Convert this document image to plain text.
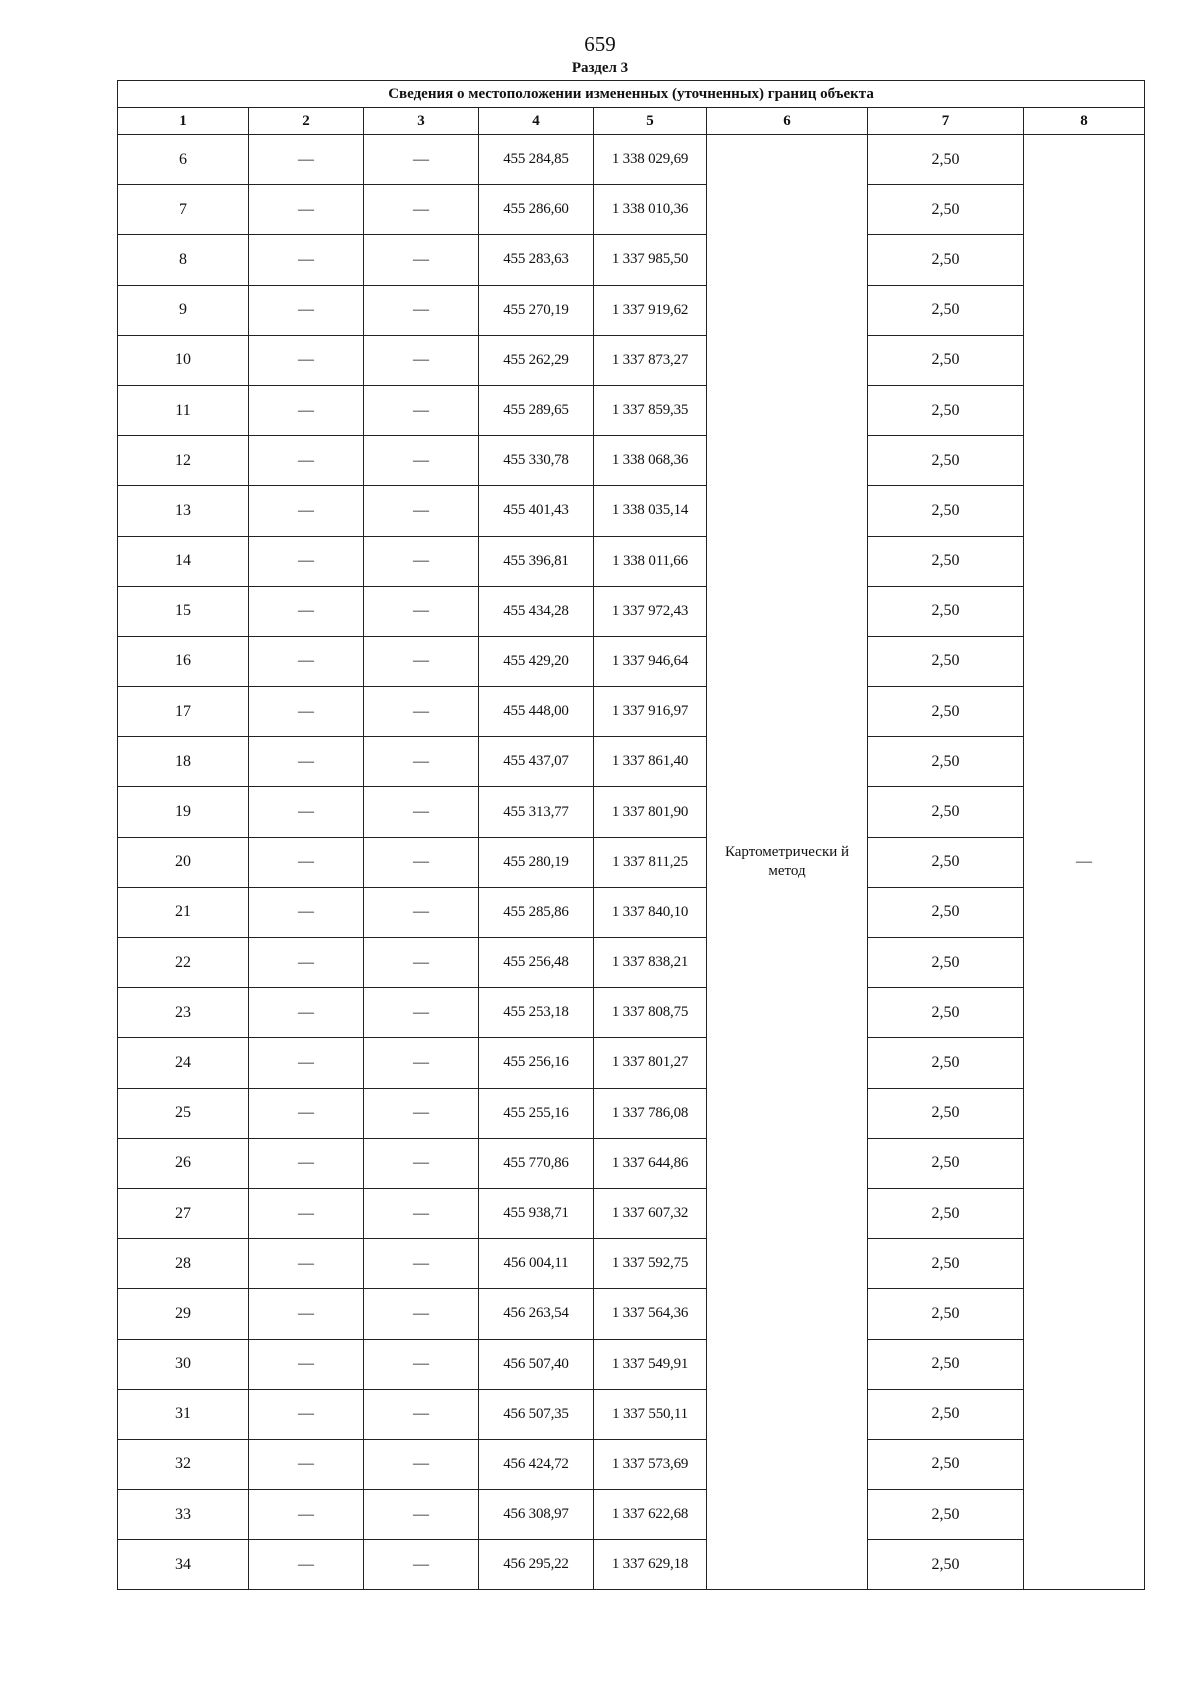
659
Раздел 3
Сведения о местоположении измененных (уточненных) границ объекта							
1	2	3	4	5	6	7	8
6	—	—	455 284,85	1 338 029,69	Картометрически й метод	2,50	—
7	—	—	455 286,60	1 338 010,36		2,50	
8	—	—	455 283,63	1 337 985,50		2,50	
9	—	—	455 270,19	1 337 919,62		2,50	
10	—	—	455 262,29	1 337 873,27		2,50	
11	—	—	455 289,65	1 337 859,35		2,50	
12	—	—	455 330,78	1 338 068,36		2,50	
13	—	—	455 401,43	1 338 035,14		2,50	
14	—	—	455 396,81	1 338 011,66		2,50	
15	—	—	455 434,28	1 337 972,43		2,50	
16	—	—	455 429,20	1 337 946,64		2,50	
17	—	—	455 448,00	1 337 916,97		2,50	
18	—	—	455 437,07	1 337 861,40		2,50	
19	—	—	455 313,77	1 337 801,90		2,50	
20	—	—	455 280,19	1 337 811,25		2,50	
21	—	—	455 285,86	1 337 840,10		2,50	
22	—	—	455 256,48	1 337 838,21		2,50	
23	—	—	455 253,18	1 337 808,75		2,50	
24	—	—	455 256,16	1 337 801,27		2,50	
25	—	—	455 255,16	1 337 786,08		2,50	
26	—	—	455 770,86	1 337 644,86		2,50	
27	—	—	455 938,71	1 337 607,32		2,50	
28	—	—	456 004,11	1 337 592,75		2,50	
29	—	—	456 263,54	1 337 564,36		2,50	
30	—	—	456 507,40	1 337 549,91		2,50	
31	—	—	456 507,35	1 337 550,11		2,50	
32	—	—	456 424,72	1 337 573,69		2,50	
33	—	—	456 308,97	1 337 622,68		2,50	
34	—	—	456 295,22	1 337 629,18		2,50	
